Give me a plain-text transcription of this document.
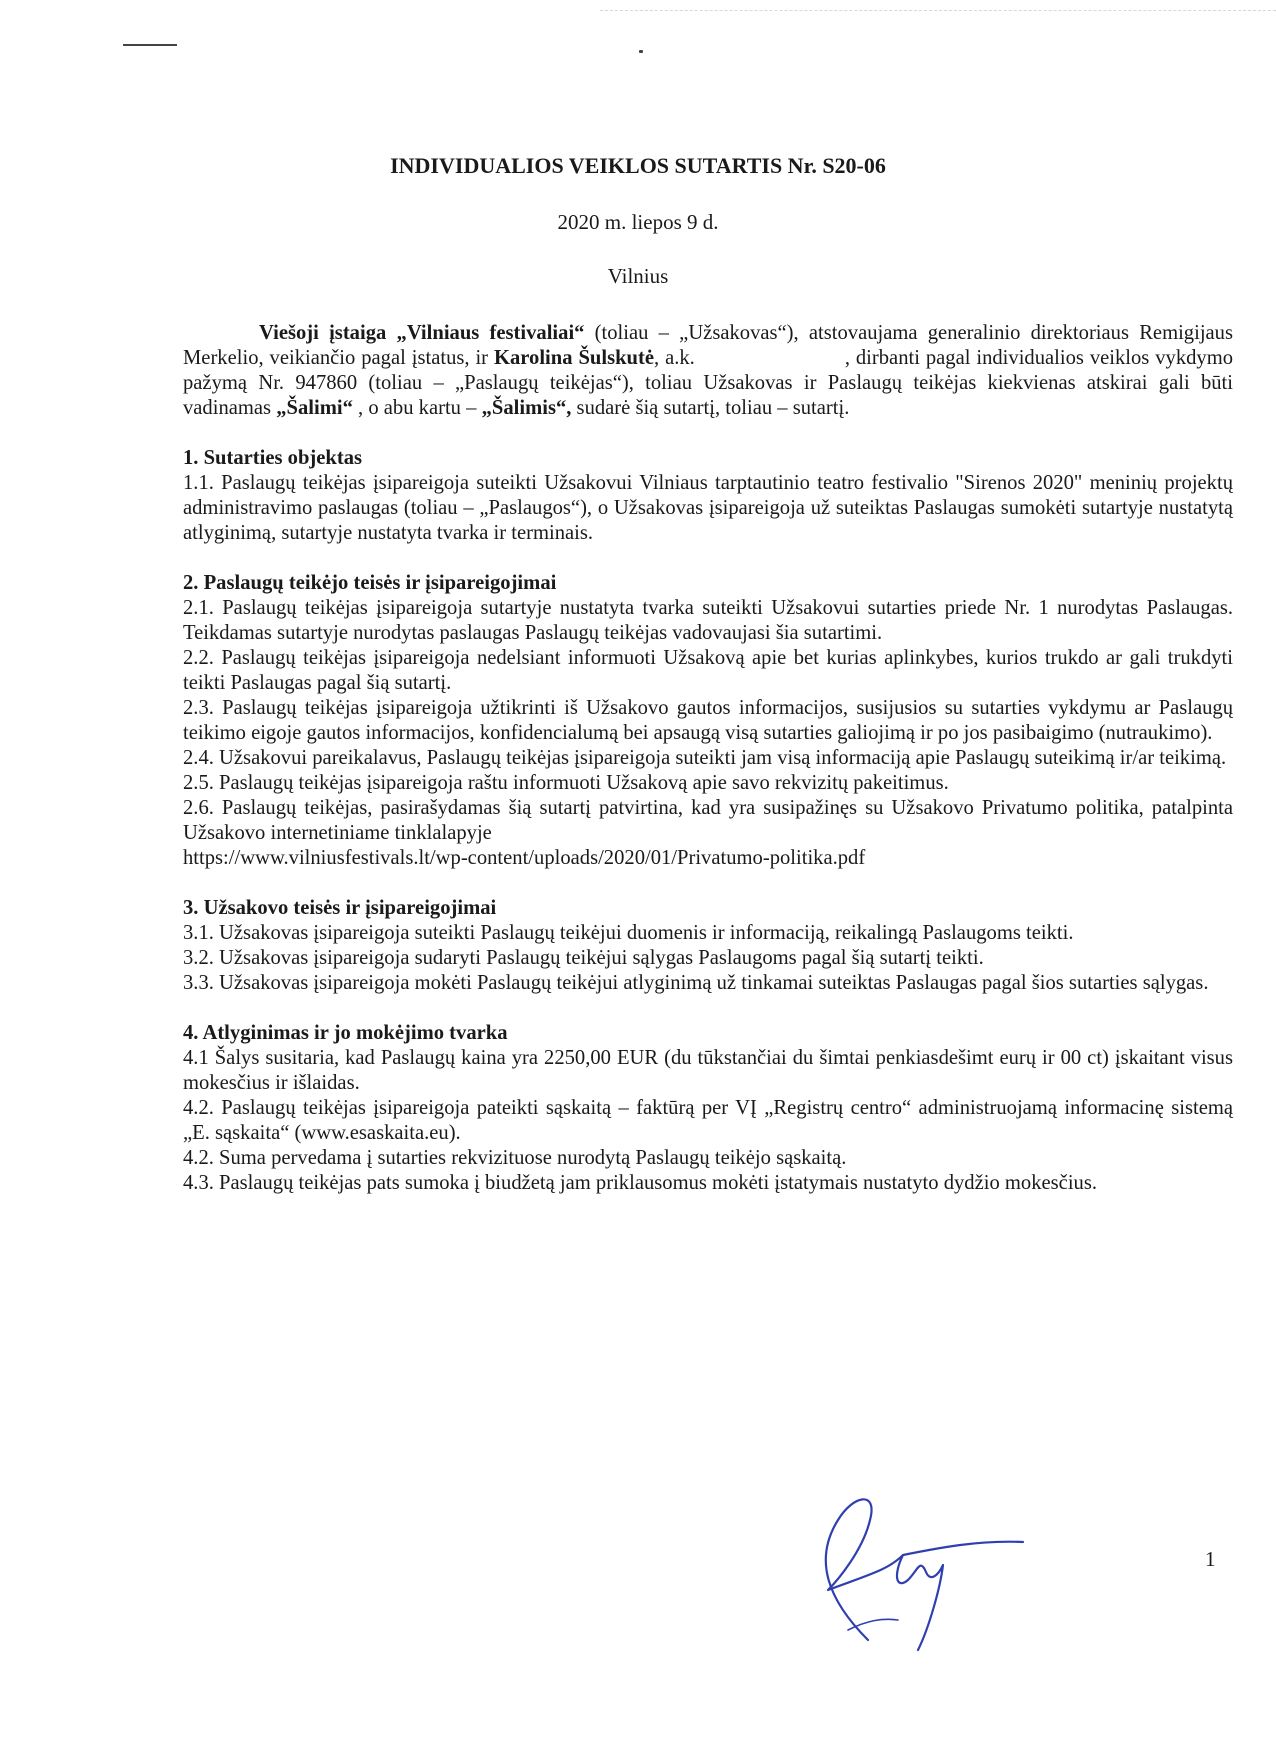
INDIVIDUALIOS VEIKLOS SUTARTIS Nr. S20-06
2020 m. liepos 9 d.
Vilnius

Viešoji įstaiga „Vilniaus festivaliai“ (toliau – „Užsakovas“), atstovaujama generalinio direktoriaus Remigijaus Merkelio, veikiančio pagal įstatus, ir Karolina Šulskutė, a.k.	, dirbanti pagal individualios veiklos vykdymo pažymą Nr. 947860 (toliau – „Paslaugų teikėjas“), toliau Užsakovas ir Paslaugų teikėjas kiekvienas atskirai gali būti vadinamas „Šalimi“ , o abu kartu – „Šalimis“, sudarė šią sutartį, toliau – sutartį.

1. Sutarties objektas

1.1. Paslaugų teikėjas įsipareigoja suteikti Užsakovui Vilniaus tarptautinio teatro festivalio "Sirenos 2020" meninių projektų administravimo paslaugas (toliau – „Paslaugos“), o Užsakovas įsipareigoja už suteiktas Paslaugas sumokėti sutartyje nustatytą atlyginimą, sutartyje nustatyta tvarka ir terminais.

2. Paslaugų teikėjo teisės ir įsipareigojimai

2.1. Paslaugų teikėjas įsipareigoja sutartyje nustatyta tvarka suteikti Užsakovui sutarties priede Nr. 1 nurodytas Paslaugas. Teikdamas sutartyje nurodytas paslaugas Paslaugų teikėjas vadovaujasi šia sutartimi.

2.2. Paslaugų teikėjas įsipareigoja nedelsiant informuoti Užsakovą apie bet kurias aplinkybes, kurios trukdo ar gali trukdyti teikti Paslaugas pagal šią sutartį.

2.3. Paslaugų teikėjas įsipareigoja užtikrinti iš Užsakovo gautos informacijos, susijusios su sutarties vykdymu ar Paslaugų teikimo eigoje gautos informacijos, konfidencialumą bei apsaugą visą sutarties galiojimą ir po jos pasibaigimo (nutraukimo).

2.4. Užsakovui pareikalavus, Paslaugų teikėjas įsipareigoja suteikti jam visą informaciją apie Paslaugų suteikimą ir/ar teikimą.

2.5. Paslaugų teikėjas įsipareigoja raštu informuoti Užsakovą apie savo rekvizitų pakeitimus.

2.6. Paslaugų teikėjas, pasirašydamas šią sutartį patvirtina, kad yra susipažinęs su Užsakovo Privatumo politika, patalpinta Užsakovo internetiniame tinklalapyje

https://www.vilniusfestivals.lt/wp-content/uploads/2020/01/Privatumo-politika.pdf

3. Užsakovo teisės ir įsipareigojimai

3.1. Užsakovas įsipareigoja suteikti Paslaugų teikėjui duomenis ir informaciją, reikalingą Paslaugoms teikti.

3.2. Užsakovas įsipareigoja sudaryti Paslaugų teikėjui sąlygas Paslaugoms pagal šią sutartį teikti.

3.3. Užsakovas įsipareigoja mokėti Paslaugų teikėjui atlyginimą už tinkamai suteiktas Paslaugas pagal šios sutarties sąlygas.

4. Atlyginimas ir jo mokėjimo tvarka

4.1 Šalys susitaria, kad Paslaugų kaina yra 2250,00 EUR (du tūkstančiai du šimtai penkiasdešimt eurų ir 00 ct) įskaitant visus mokesčius ir išlaidas.

4.2. Paslaugų teikėjas įsipareigoja pateikti sąskaitą – faktūrą per VĮ „Registrų centro“ administruojamą informacinę sistemą „E. sąskaita“ (www.esaskaita.eu).

4.2. Suma pervedama į sutarties rekvizituose nurodytą Paslaugų teikėjo sąskaitą.

4.3. Paslaugų teikėjas pats sumoka į biudžetą jam priklausomus mokėti įstatymais nustatyto dydžio mokesčius.

1
